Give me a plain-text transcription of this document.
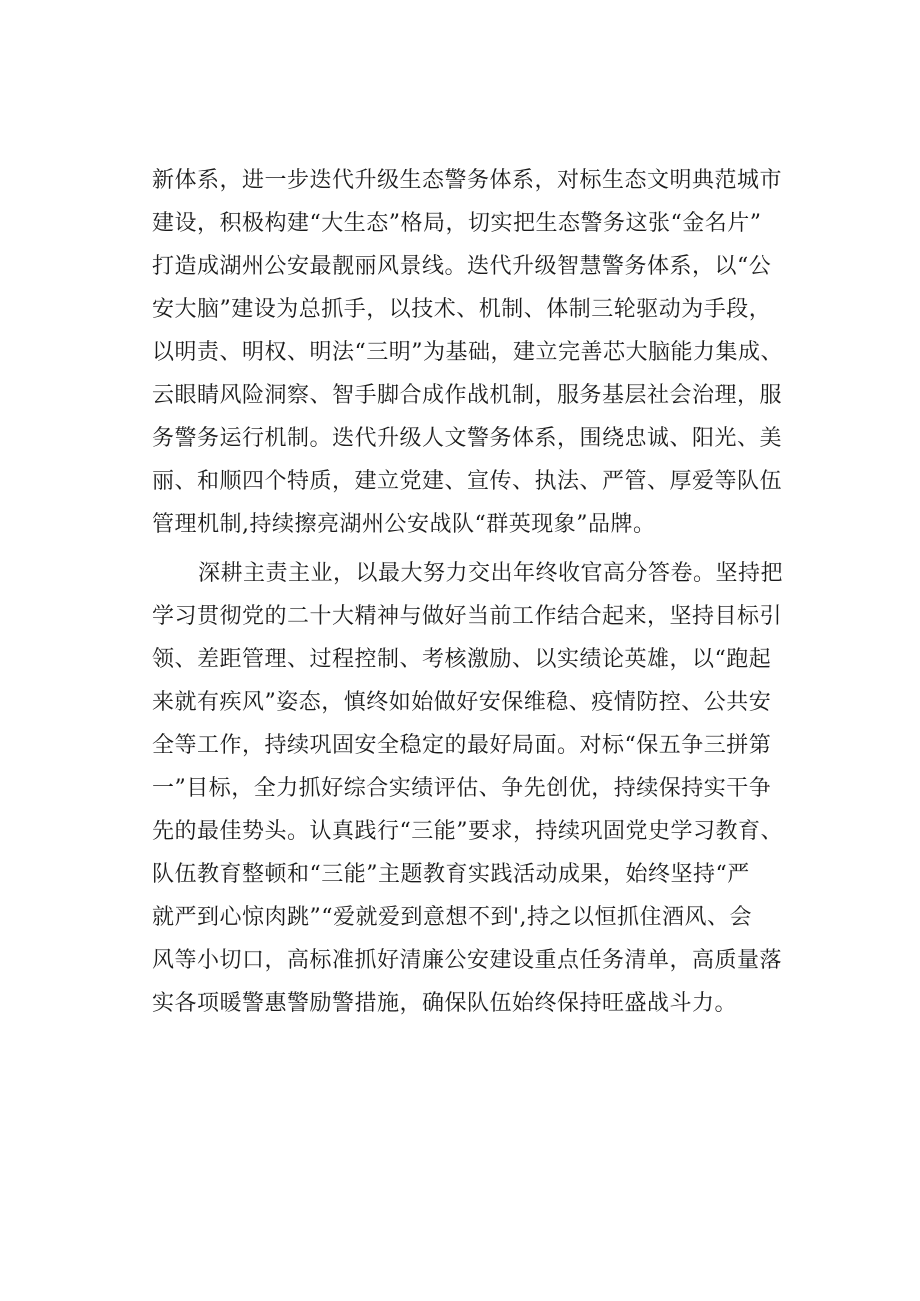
新体系，进一步迭代升级生态警务体系，对标生态文明典范城市
建设，积极构建“大生态”格局，切实把生态警务这张“金名片”
打造成湖州公安最靓丽风景线。迭代升级智慧警务体系，以“公
安大脑”建设为总抓手，以技术、机制、体制三轮驱动为手段，
以明责、明权、明法“三明”为基础，建立完善芯大脑能力集成、
云眼睛风险洞察、智手脚合成作战机制，服务基层社会治理，服
务警务运行机制。迭代升级人文警务体系，围绕忠诚、阳光、美
丽、和顺四个特质，建立党建、宣传、执法、严管、厚爱等队伍
管理机制,持续擦亮湖州公安战队“群英现象”品牌。
深耕主责主业，以最大努力交出年终收官高分答卷。坚持把
学习贯彻党的二十大精神与做好当前工作结合起来，坚持目标引
领、差距管理、过程控制、考核激励、以实绩论英雄，以“跑起
来就有疾风”姿态，慎终如始做好安保维稳、疫情防控、公共安
全等工作，持续巩固安全稳定的最好局面。对标“保五争三拼第
一”目标，全力抓好综合实绩评估、争先创优，持续保持实干争
先的最佳势头。认真践行“三能”要求，持续巩固党史学习教育、
队伍教育整顿和“三能”主题教育实践活动成果，始终坚持“严
就严到心惊肉跳”“爱就爱到意想不到',持之以恒抓住酒风、会
风等小切口，高标准抓好清廉公安建设重点任务清单，高质量落
实各项暖警惠警励警措施，确保队伍始终保持旺盛战斗力。
